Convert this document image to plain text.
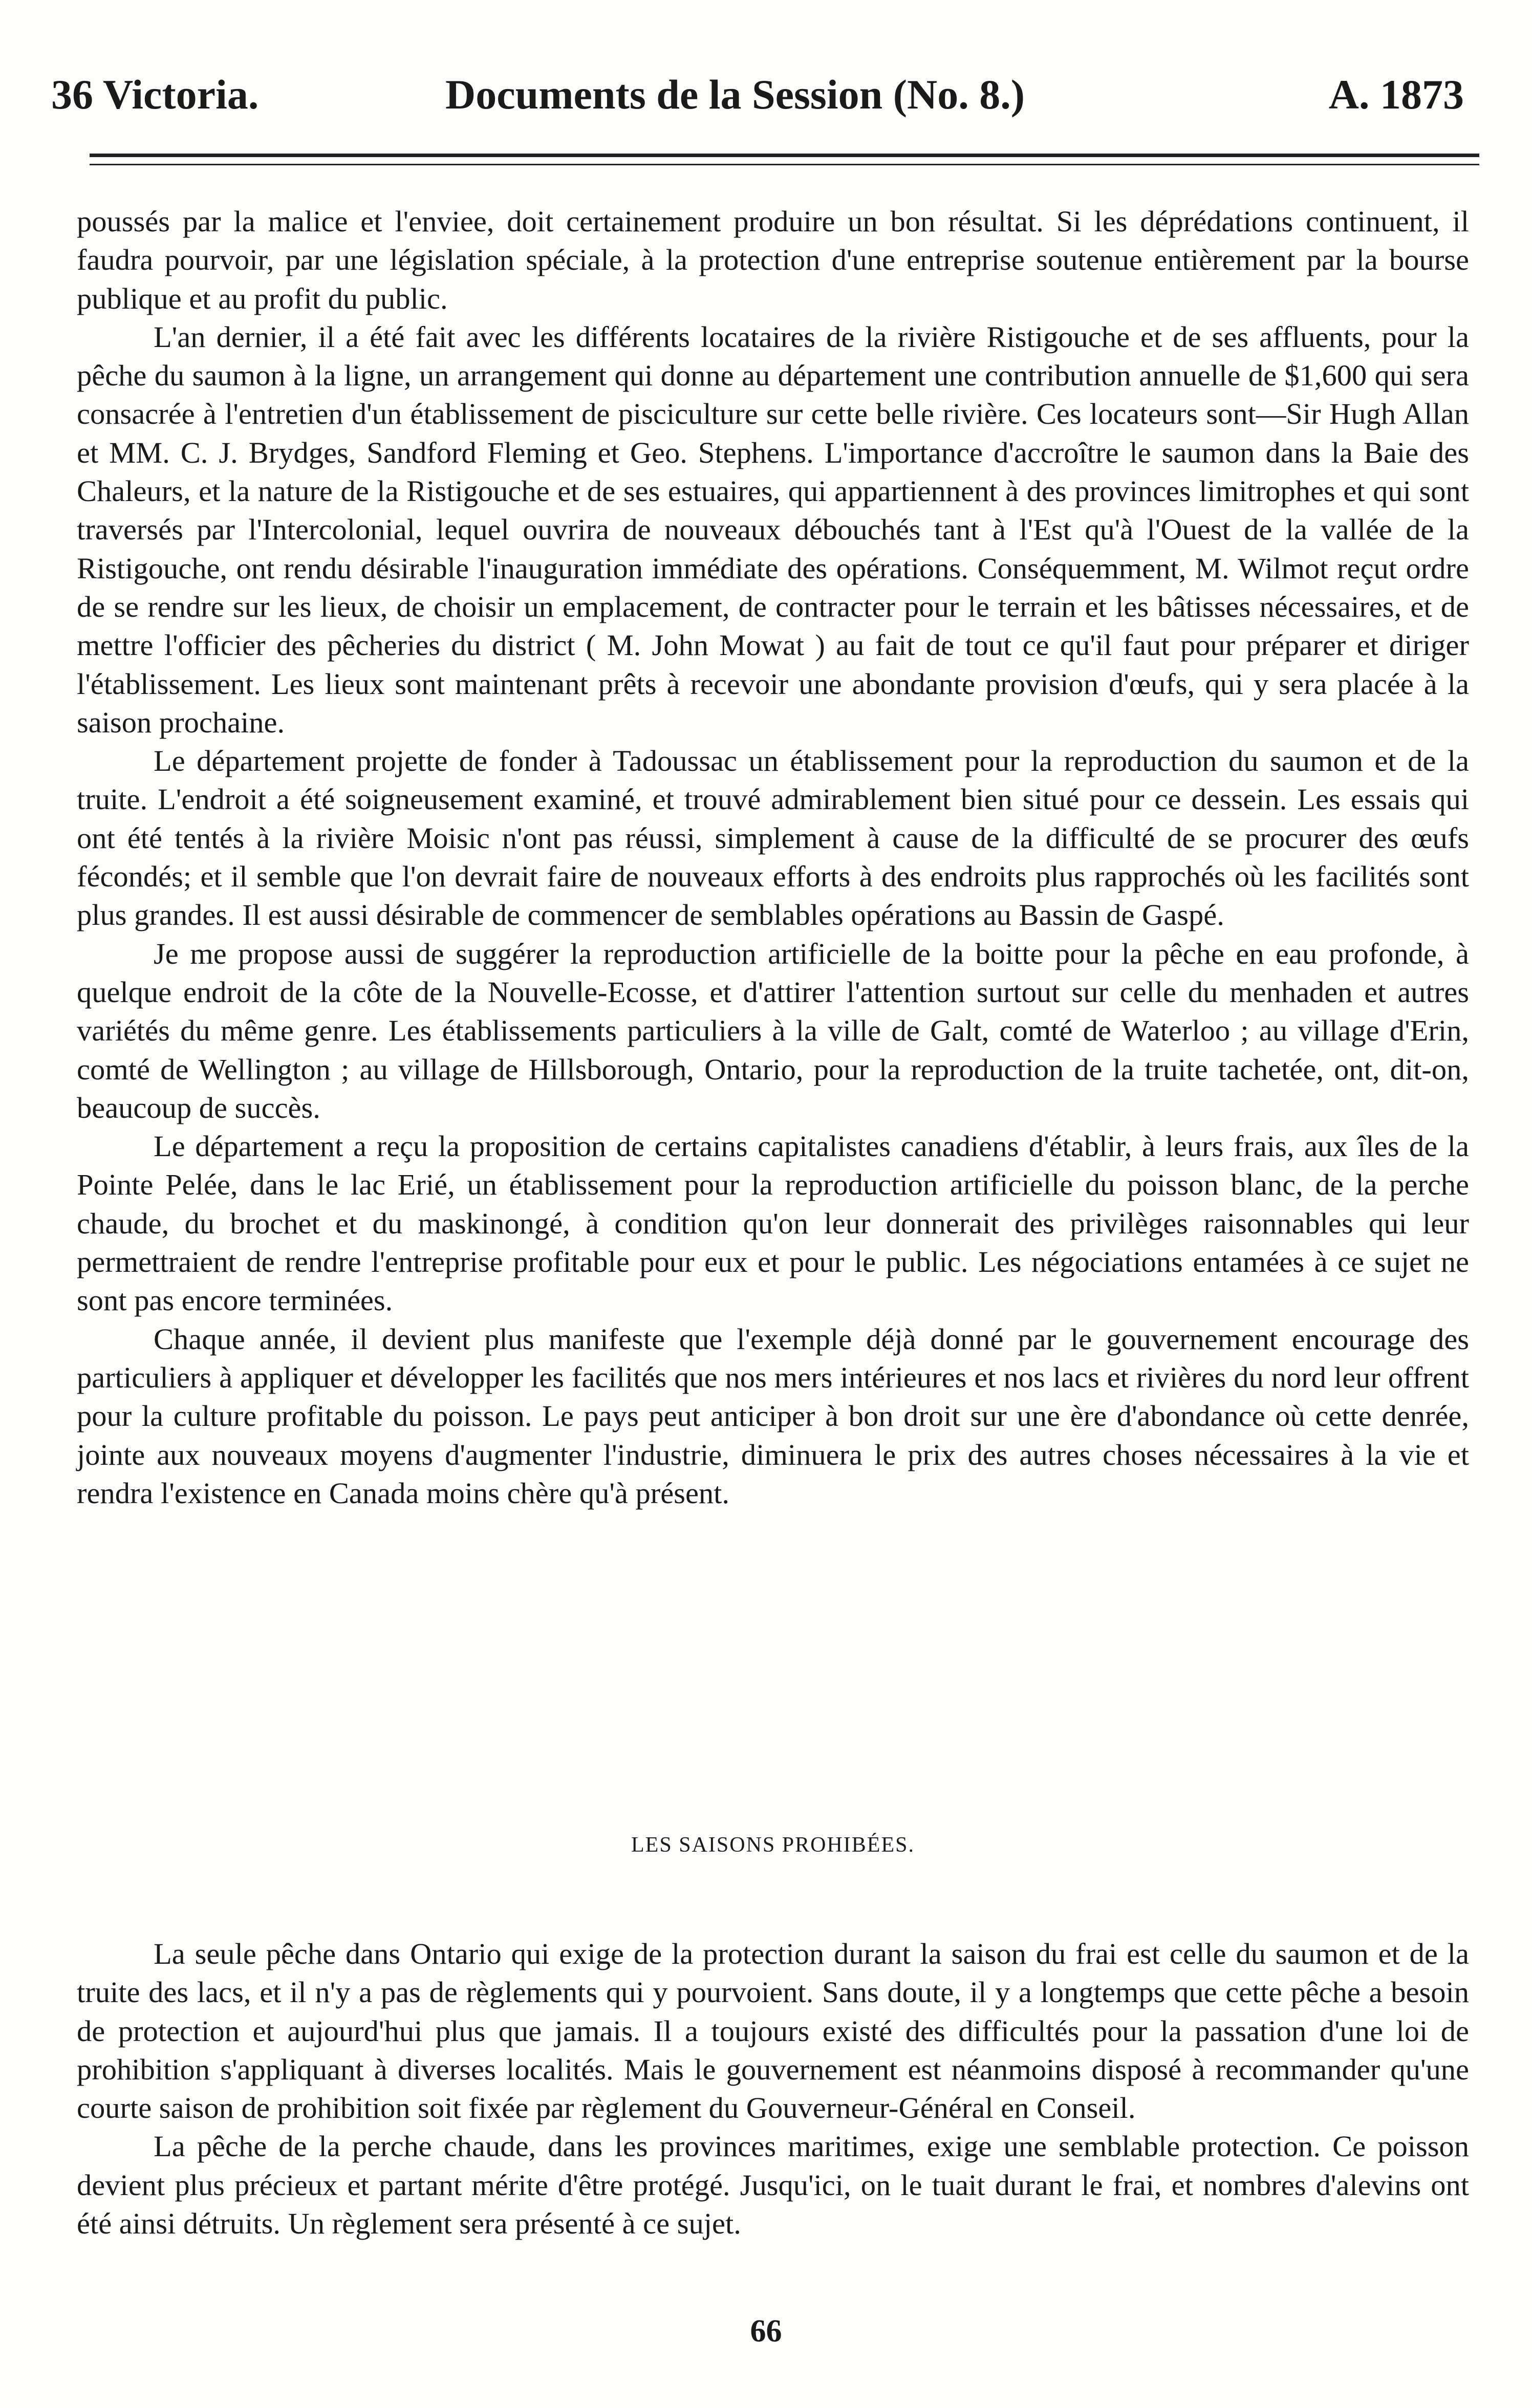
36 Victoria.	Documents de la Session (No. 8.)	A. 1873

poussés par la malice et l'enviee, doit certainement produire un bon résultat. Si les déprédations continuent, il faudra pourvoir, par une législation spéciale, à la protection d'une entreprise soutenue entièrement par la bourse publique et au profit du public.

L'an dernier, il a été fait avec les différents locataires de la rivière Ristigouche et de ses affluents, pour la pêche du saumon à la ligne, un arrangement qui donne au département une contribution annuelle de $1,600 qui sera consacrée à l'entretien d'un établissement de pisciculture sur cette belle rivière. Ces locateurs sont—Sir Hugh Allan et MM. C. J. Brydges, Sandford Fleming et Geo. Stephens. L'importance d'accroître le saumon dans la Baie des Chaleurs, et la nature de la Ristigouche et de ses estuaires, qui appartiennent à des provinces limitrophes et qui sont traversés par l'Intercolonial, lequel ouvrira de nouveaux débouchés tant à l'Est qu'à l'Ouest de la vallée de la Ristigouche, ont rendu désirable l'inauguration immédiate des opérations. Conséquemment, M. Wilmot reçut ordre de se rendre sur les lieux, de choisir un emplacement, de contracter pour le terrain et les bâtisses nécessaires, et de mettre l'officier des pêcheries du district ( M. John Mowat ) au fait de tout ce qu'il faut pour préparer et diriger l'établissement. Les lieux sont maintenant prêts à recevoir une abondante provision d'œufs, qui y sera placée à la saison prochaine.

Le département projette de fonder à Tadoussac un établissement pour la reproduction du saumon et de la truite. L'endroit a été soigneusement examiné, et trouvé admirablement bien situé pour ce dessein. Les essais qui ont été tentés à la rivière Moisic n'ont pas réussi, simplement à cause de la difficulté de se procurer des œufs fécondés; et il semble que l'on devrait faire de nouveaux efforts à des endroits plus rapprochés où les facilités sont plus grandes. Il est aussi désirable de commencer de semblables opérations au Bassin de Gaspé.

Je me propose aussi de suggérer la reproduction artificielle de la boitte pour la pêche en eau profonde, à quelque endroit de la côte de la Nouvelle-Ecosse, et d'attirer l'attention surtout sur celle du menhaden et autres variétés du même genre. Les établissements particuliers à la ville de Galt, comté de Waterloo ; au village d'Erin, comté de Wellington ; au village de Hillsborough, Ontario, pour la reproduction de la truite tachetée, ont, dit-on, beaucoup de succès.

Le département a reçu la proposition de certains capitalistes canadiens d'établir, à leurs frais, aux îles de la Pointe Pelée, dans le lac Erié, un établissement pour la reproduction artificielle du poisson blanc, de la perche chaude, du brochet et du maskinongé, à condition qu'on leur donnerait des privilèges raisonnables qui leur permettraient de rendre l'entreprise profitable pour eux et pour le public. Les négociations entamées à ce sujet ne sont pas encore terminées.

Chaque année, il devient plus manifeste que l'exemple déjà donné par le gouvernement encourage des particuliers à appliquer et développer les facilités que nos mers intérieures et nos lacs et rivières du nord leur offrent pour la culture profitable du poisson. Le pays peut anticiper à bon droit sur une ère d'abondance où cette denrée, jointe aux nouveaux moyens d'augmenter l'industrie, diminuera le prix des autres choses nécessaires à la vie et rendra l'existence en Canada moins chère qu'à présent.

LES SAISONS PROHIBÉES.

La seule pêche dans Ontario qui exige de la protection durant la saison du frai est celle du saumon et de la truite des lacs, et il n'y a pas de règlements qui y pourvoient. Sans doute, il y a longtemps que cette pêche a besoin de protection et aujourd'hui plus que jamais. Il a toujours existé des difficultés pour la passation d'une loi de prohibition s'appliquant à diverses localités. Mais le gouvernement est néanmoins disposé à recommander qu'une courte saison de prohibition soit fixée par règlement du Gouverneur-Général en Conseil.

La pêche de la perche chaude, dans les provinces maritimes, exige une semblable protection. Ce poisson devient plus précieux et partant mérite d'être protégé. Jusqu'ici, on le tuait durant le frai, et nombres d'alevins ont été ainsi détruits. Un règlement sera présenté à ce sujet.

66
